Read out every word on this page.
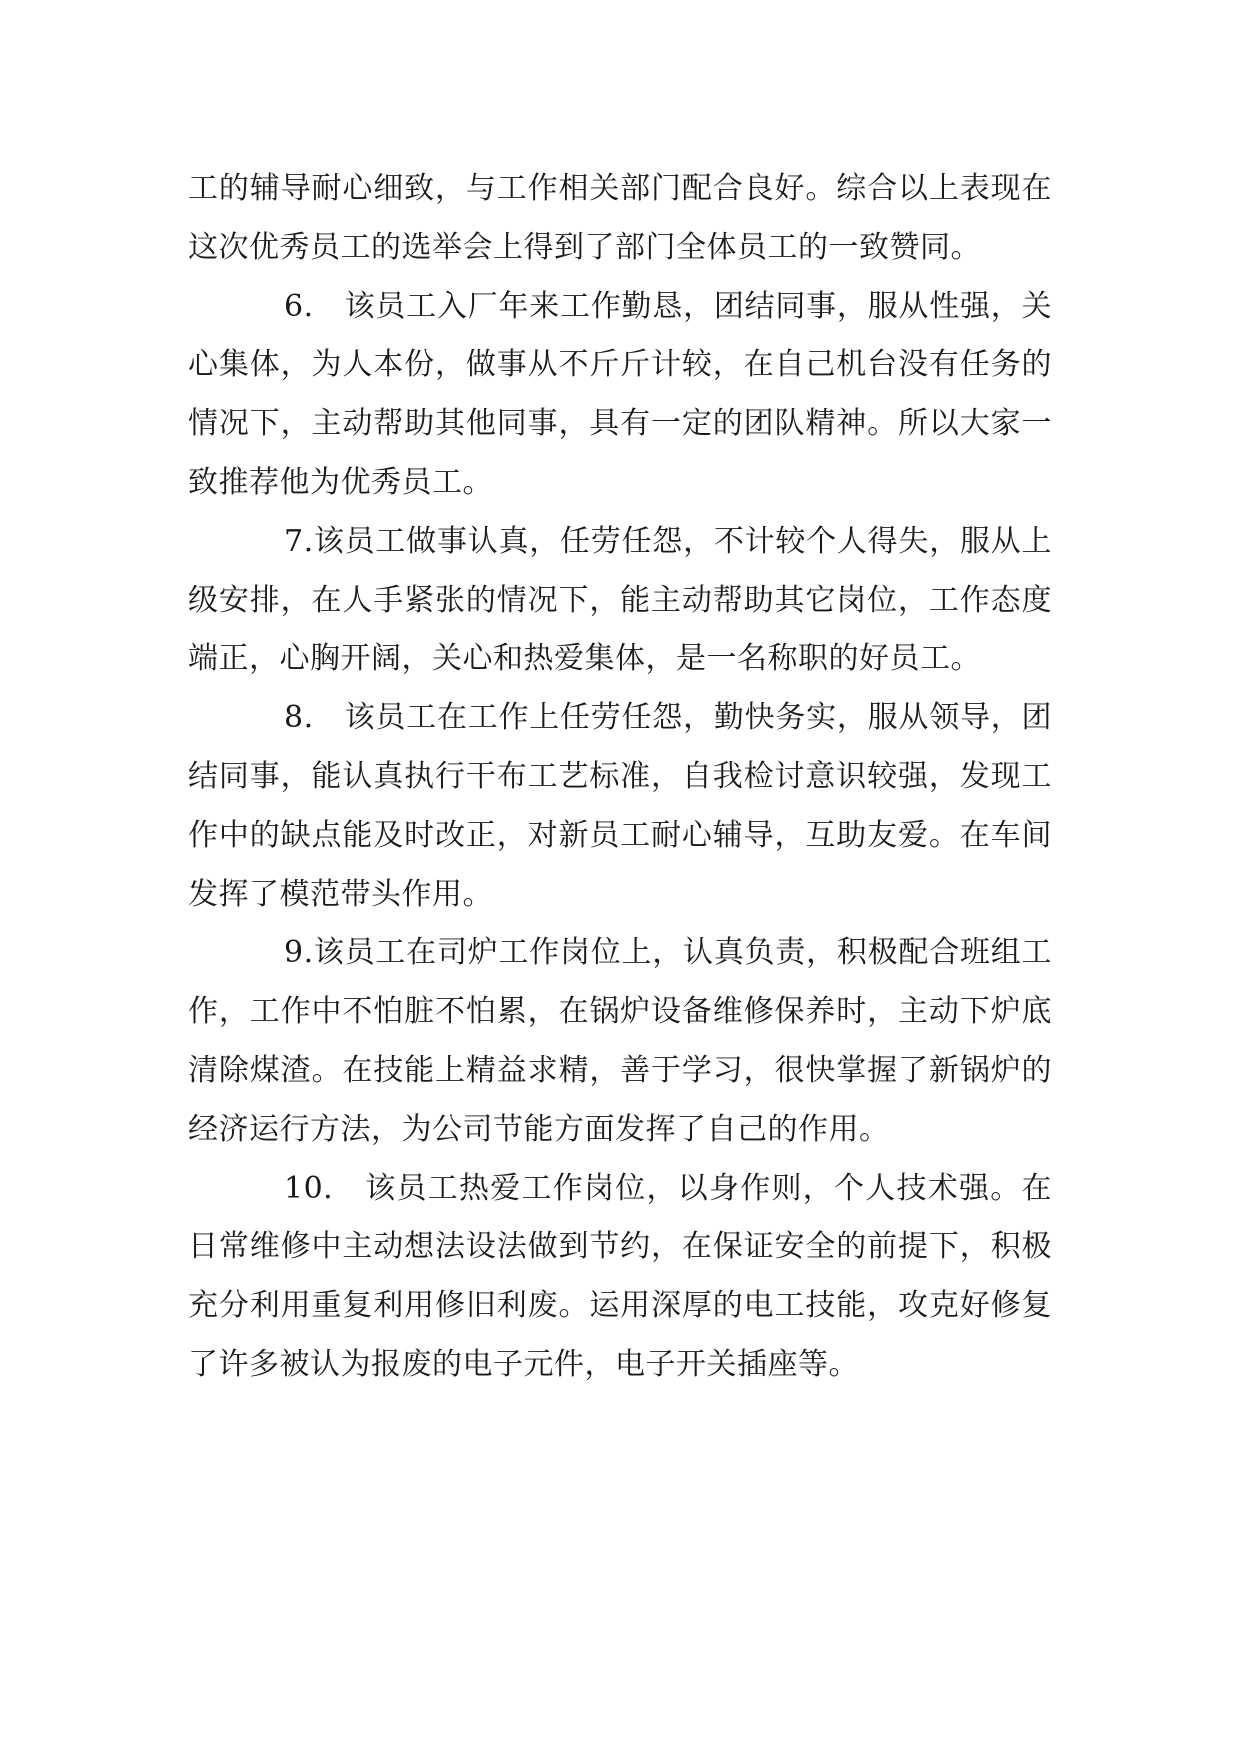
工的辅导耐心细致，与工作相关部门配合良好。综合以上表现在这次优秀员工的选举会上得到了部门全体员工的一致赞同。

6.　该员工入厂年来工作勤恳，团结同事，服从性强，关心集体，为人本份，做事从不斤斤计较，在自己机台没有任务的情况下，主动帮助其他同事，具有一定的团队精神。所以大家一致推荐他为优秀员工。

7.该员工做事认真，任劳任怨，不计较个人得失，服从上级安排，在人手紧张的情况下，能主动帮助其它岗位，工作态度端正，心胸开阔，关心和热爱集体，是一名称职的好员工。

8.　该员工在工作上任劳任怨，勤快务实，服从领导，团结同事，能认真执行干布工艺标准，自我检讨意识较强，发现工作中的缺点能及时改正，对新员工耐心辅导，互助友爱。在车间发挥了模范带头作用。

9.该员工在司炉工作岗位上，认真负责，积极配合班组工作，工作中不怕脏不怕累，在锅炉设备维修保养时，主动下炉底清除煤渣。在技能上精益求精，善于学习，很快掌握了新锅炉的经济运行方法，为公司节能方面发挥了自己的作用。

10.　该员工热爱工作岗位，以身作则，个人技术强。在日常维修中主动想法设法做到节约，在保证安全的前提下，积极充分利用重复利用修旧利废。运用深厚的电工技能，攻克好修复了许多被认为报废的电子元件，电子开关插座等。
